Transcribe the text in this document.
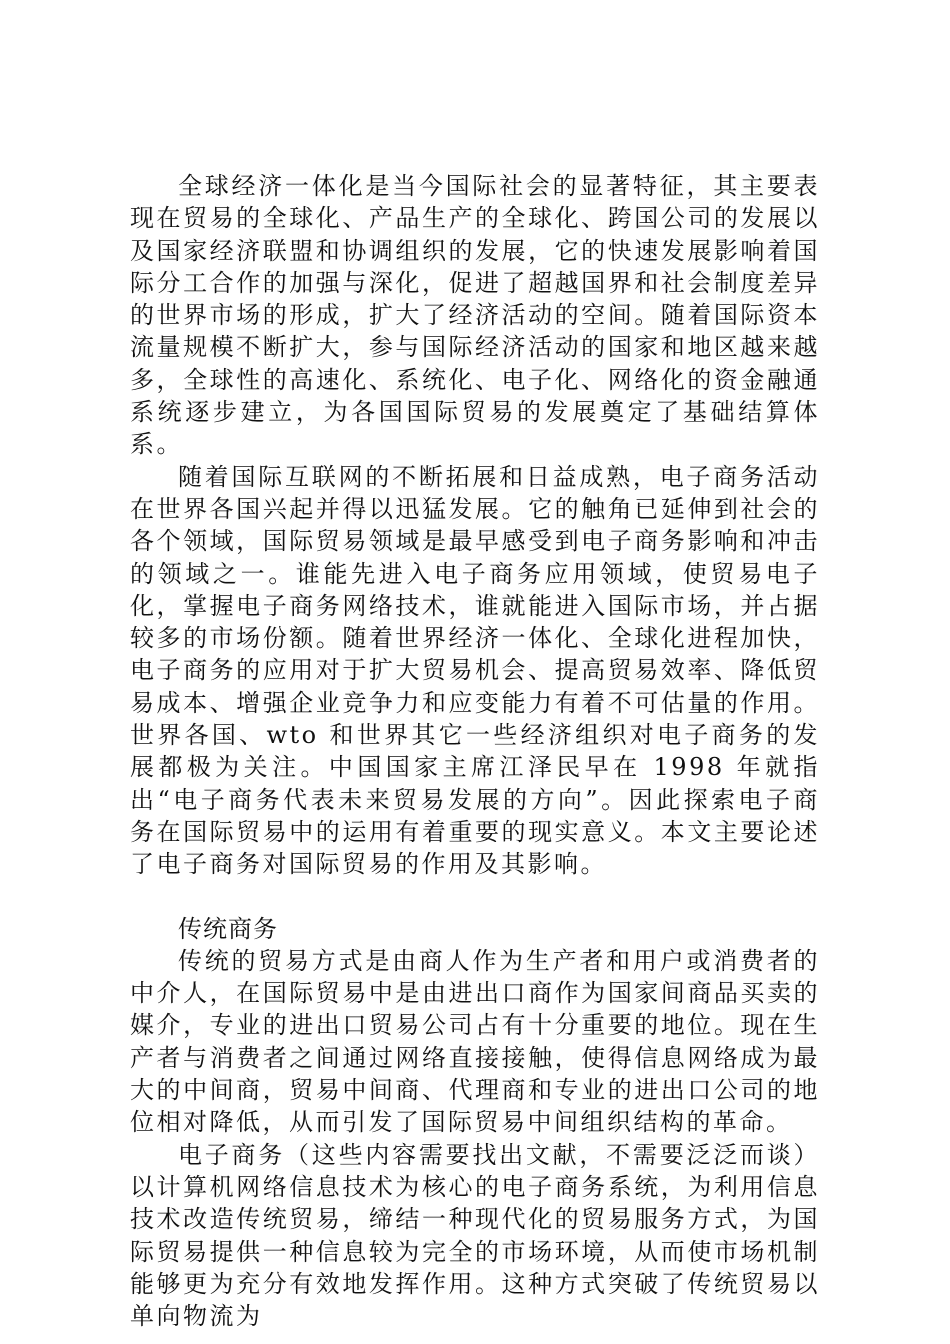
全球经济一体化是当今国际社会的显著特征，其主要表现在贸易的全球化、产品生产的全球化、跨国公司的发展以及国家经济联盟和协调组织的发展，它的快速发展影响着国际分工合作的加强与深化，促进了超越国界和社会制度差异的世界市场的形成，扩大了经济活动的空间。随着国际资本流量规模不断扩大，参与国际经济活动的国家和地区越来越多，全球性的高速化、系统化、电子化、网络化的资金融通系统逐步建立，为各国国际贸易的发展奠定了基础结算体系。

随着国际互联网的不断拓展和日益成熟，电子商务活动在世界各国兴起并得以迅猛发展。它的触角已延伸到社会的各个领域，国际贸易领域是最早感受到电子商务影响和冲击的领域之一。谁能先进入电子商务应用领域，使贸易电子化，掌握电子商务网络技术，谁就能进入国际市场，并占据较多的市场份额。随着世界经济一体化、全球化进程加快，电子商务的应用对于扩大贸易机会、提高贸易效率、降低贸易成本、增强企业竞争力和应变能力有着不可估量的作用。世界各国、wto 和世界其它一些经济组织对电子商务的发展都极为关注。中国国家主席江泽民早在 1998 年就指出“电子商务代表未来贸易发展的方向”。因此探索电子商务在国际贸易中的运用有着重要的现实意义。本文主要论述了电子商务对国际贸易的作用及其影响。

传统商务

传统的贸易方式是由商人作为生产者和用户或消费者的中介人，在国际贸易中是由进出口商作为国家间商品买卖的媒介，专业的进出口贸易公司占有十分重要的地位。现在生产者与消费者之间通过网络直接接触，使得信息网络成为最大的中间商，贸易中间商、代理商和专业的进出口公司的地位相对降低，从而引发了国际贸易中间组织结构的革命。

电子商务（这些内容需要找出文献，不需要泛泛而谈）以计算机网络信息技术为核心的电子商务系统，为利用信息技术改造传统贸易，缔结一种现代化的贸易服务方式，为国际贸易提供一种信息较为完全的市场环境，从而使市场机制能够更为充分有效地发挥作用。这种方式突破了传统贸易以单向物流为
